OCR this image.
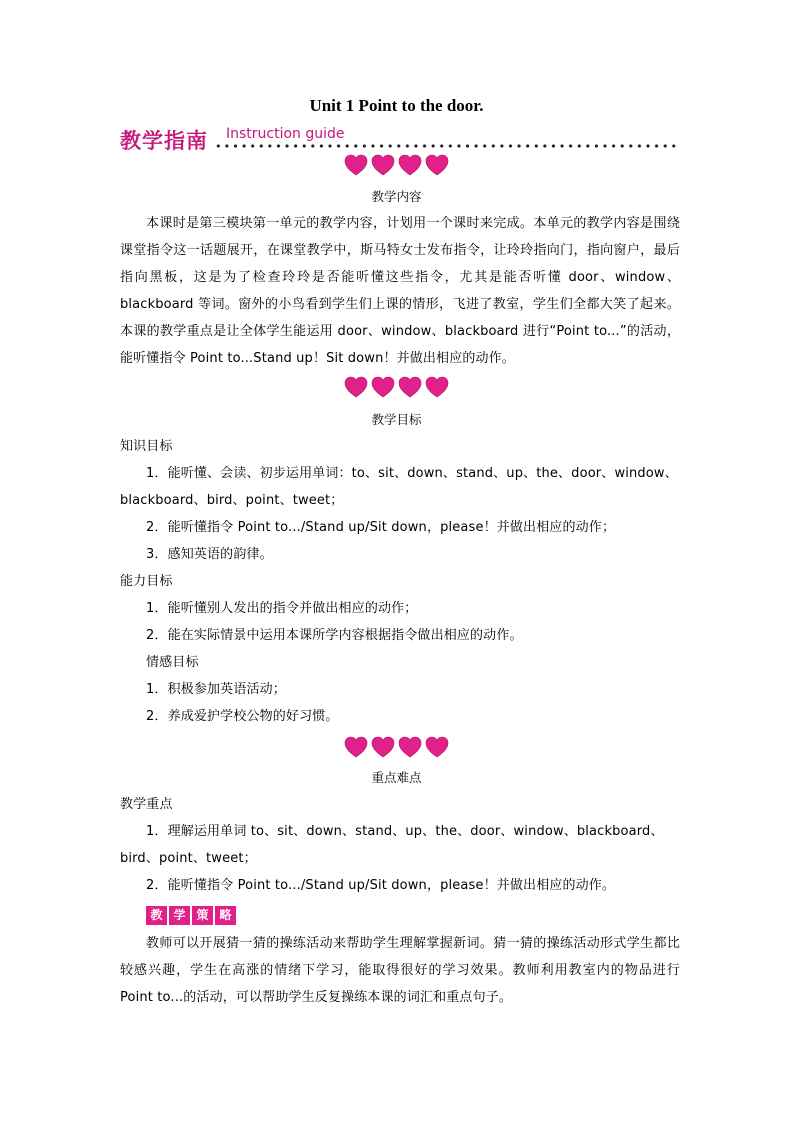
Unit 1 Point to the door.
教学指南 Instruction guide
教学内容
本课时是第三模块第一单元的教学内容，计划用一个课时来完成。本单元的教学内容是围绕课堂指令这一话题展开，在课堂教学中，斯马特女士发布指令，让玲玲指向门，指向窗户，最后指向黑板，这是为了检查玲玲是否能听懂这些指令，尤其是能否听懂 door、window、blackboard 等词。窗外的小鸟看到学生们上课的情形，飞进了教室，学生们全都大笑了起来。本课的教学重点是让全体学生能运用 door、window、blackboard 进行“Point to...”的活动，能听懂指令 Point to...Stand up！Sit down！并做出相应的动作。
教学目标
知识目标
1．能听懂、会读、初步运用单词：to、sit、down、stand、up、the、door、window、blackboard、bird、point、tweet；
2．能听懂指令 Point to.../Stand up/Sit down，please！并做出相应的动作；
3．感知英语的韵律。
能力目标
1．能听懂别人发出的指令并做出相应的动作；
2．能在实际情景中运用本课所学内容根据指令做出相应的动作。
情感目标
1．积极参加英语活动；
2．养成爱护学校公物的好习惯。
重点难点
教学重点
1．理解运用单词 to、sit、down、stand、up、the、door、window、blackboard、bird、point、tweet；
2．能听懂指令 Point to.../Stand up/Sit down，please！并做出相应的动作。
教 学 策 略
教师可以开展猜一猜的操练活动来帮助学生理解掌握新词。猜一猜的操练活动形式学生都比较感兴趣，学生在高涨的情绪下学习，能取得很好的学习效果。教师利用教室内的物品进行 Point to...的活动，可以帮助学生反复操练本课的词汇和重点句子。
